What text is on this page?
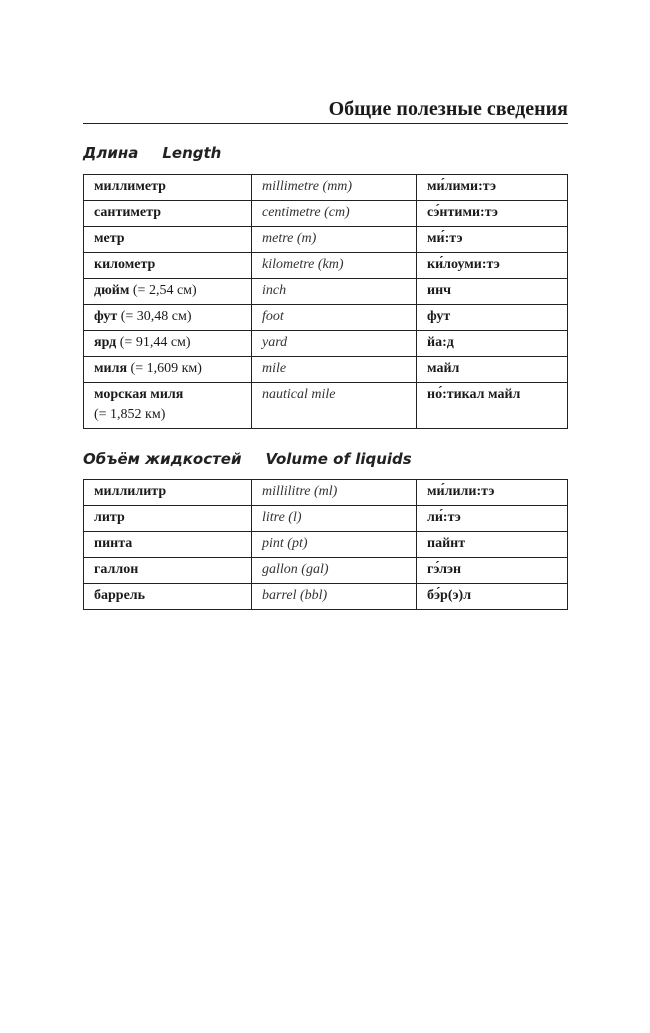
Общие полезные сведения
Длина Length
миллиметр	millimetre (mm)	ми́лими:тэ
сантиметр	centimetre (cm)	сэ́нтими:тэ
метр	metre (m)	ми́:тэ
километр	kilometre (km)	ки́лоуми:тэ
дюйм (= 2,54 см)	inch	инч
фут (= 30,48 см)	foot	фут
ярд (= 91,44 см)	yard	йа:д
миля (= 1,609 км)	mile	майл
морская миля
(= 1,852 км)	nautical mile	но́:тикал майл
Объём жидкостей Volume of liquids
миллилитр	millilitre (ml)	ми́лили:тэ
литр	litre (l)	ли́:тэ
пинта	pint (pt)	пайнт
галлон	gallon (gal)	гэ́лэн
баррель	barrel (bbl)	бэ́р(э)л
